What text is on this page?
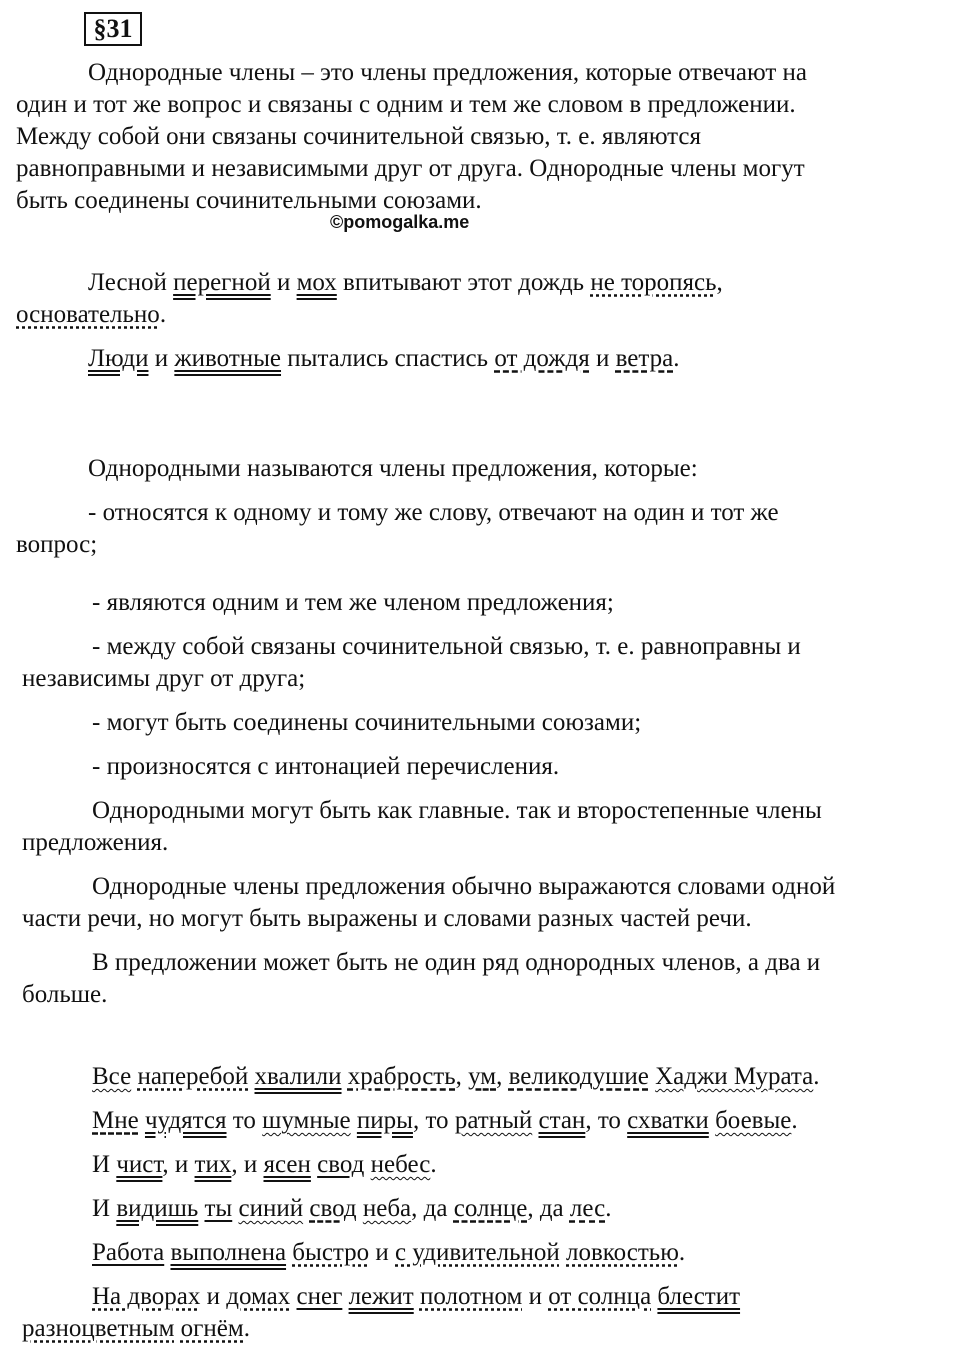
§31
Однородные члены – это члены предложения, которые отвечают на
один и тот же вопрос и связаны с одним и тем же словом в предложении.
Между собой они связаны сочинительной связью, т. е. являются
равноправными и независимыми друг от друга. Однородные члены могут
быть соединены сочинительными союзами.
©pomogalka.me
Лесной перегной и мох впитывают этот дождь не торопясь,
основательно.
Люди и животные пытались спастись от дождя и ветра.
Однородными называются члены предложения, которые:
- относятся к одному и тому же слову, отвечают на один и тот же
вопрос;
- являются одним и тем же членом предложения;
- между собой связаны сочинительной связью, т. е. равноправны и
независимы друг от друга;
- могут быть соединены сочинительными союзами;
- произносятся с интонацией перечисления.
Однородными могут быть как главные. так и второстепенные члены
предложения.
Однородные члены предложения обычно выражаются словами одной
части речи, но могут быть выражены и словами разных частей речи.
В предложении может быть не один ряд однородных членов, а два и
больше.
Все наперебой хвалили храбрость, ум, великодушие Хаджи Мурата.
Мне чудятся то шумные пиры, то ратный стан, то схватки боевые.
И чист, и тих, и ясен свод небес.
И видишь ты синий свод неба, да солнце, да лес.
Работа выполнена быстро и с удивительной ловкостью.
На дворах и домах снег лежит полотном и от солнца блестит
разноцветным огнём.
